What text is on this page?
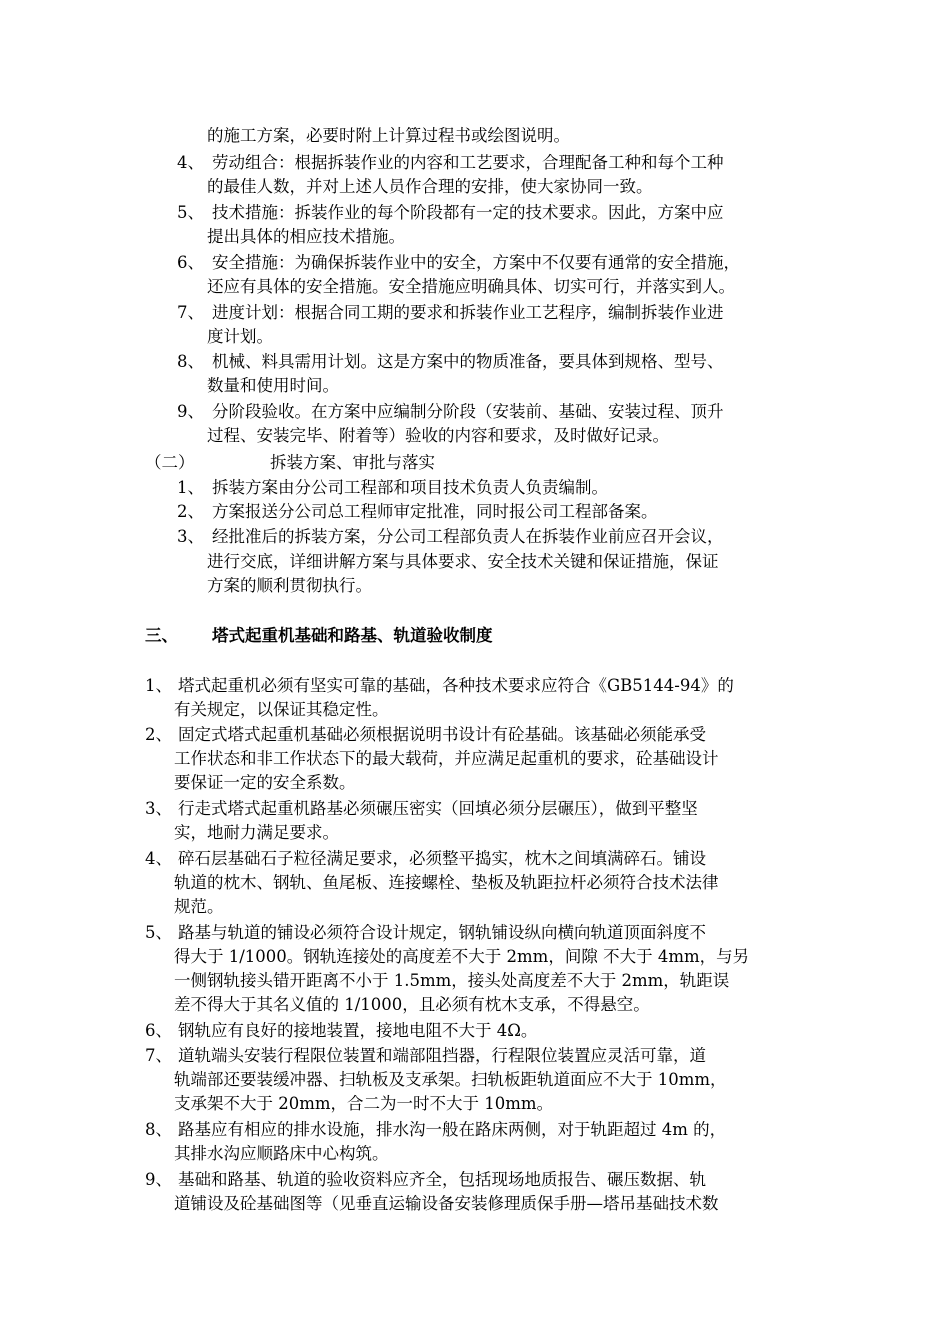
的施工方案，必要时附上计算过程书或绘图说明。
4、 劳动组合：根据拆装作业的内容和工艺要求，合理配备工种和每个工种
的最佳人数，并对上述人员作合理的安排，使大家协同一致。
5、 技术措施：拆装作业的每个阶段都有一定的技术要求。因此，方案中应
提出具体的相应技术措施。
6、 安全措施：为确保拆装作业中的安全，方案中不仅要有通常的安全措施，
还应有具体的安全措施。安全措施应明确具体、切实可行，并落实到人。
7、 进度计划：根据合同工期的要求和拆装作业工艺程序，编制拆装作业进
度计划。
8、 机械、料具需用计划。这是方案中的物质准备，要具体到规格、型号、
数量和使用时间。
9、 分阶段验收。在方案中应编制分阶段（安装前、基础、安装过程、顶升
过程、安装完毕、附着等）验收的内容和要求，及时做好记录。
（二）	拆装方案、审批与落实
1、 拆装方案由分公司工程部和项目技术负责人负责编制。
2、 方案报送分公司总工程师审定批准，同时报公司工程部备案。
3、 经批准后的拆装方案，分公司工程部负责人在拆装作业前应召开会议，
进行交底，详细讲解方案与具体要求、安全技术关键和保证措施，保证
方案的顺利贯彻执行。
三、 塔式起重机基础和路基、轨道验收制度
1、 塔式起重机必须有坚实可靠的基础，各种技术要求应符合《GB5144-94》的
有关规定，以保证其稳定性。
2、 固定式塔式起重机基础必须根据说明书设计有砼基础。该基础必须能承受
工作状态和非工作状态下的最大载荷，并应满足起重机的要求，砼基础设计
要保证一定的安全系数。
3、 行走式塔式起重机路基必须碾压密实（回填必须分层碾压），做到平整坚
实，地耐力满足要求。
4、 碎石层基础石子粒径满足要求，必须整平捣实，枕木之间填满碎石。铺设
轨道的枕木、钢轨、鱼尾板、连接螺栓、垫板及轨距拉杆必须符合技术法律
规范。
5、 路基与轨道的铺设必须符合设计规定，钢轨铺设纵向横向轨道顶面斜度不
得大于 1/1000。钢轨连接处的高度差不大于 2mm，间隙 不大于 4mm，与另
一侧钢轨接头错开距离不小于 1.5mm，接头处高度差不大于 2mm，轨距误
差不得大于其名义值的 1/1000，且必须有枕木支承，不得悬空。
6、 钢轨应有良好的接地装置，接地电阻不大于 4Ω。
7、 道轨端头安装行程限位装置和端部阻挡器，行程限位装置应灵活可靠，道
轨端部还要装缓冲器、扫轨板及支承架。扫轨板距轨道面应不大于 10mm，
支承架不大于 20mm，合二为一时不大于 10mm。
8、 路基应有相应的排水设施，排水沟一般在路床两侧，对于轨距超过 4m 的，
其排水沟应顺路床中心构筑。
9、 基础和路基、轨道的验收资料应齐全，包括现场地质报告、碾压数据、轨
道铺设及砼基础图等（见垂直运输设备安装修理质保手册—塔吊基础技术数
